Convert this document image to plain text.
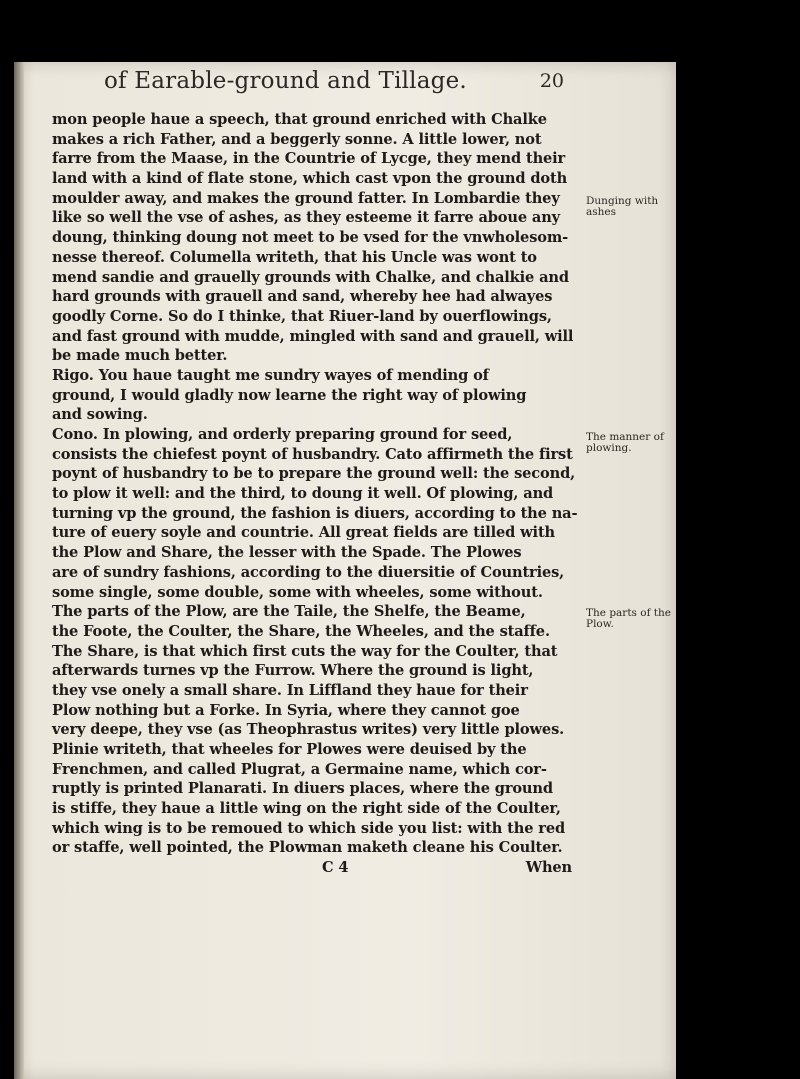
of Earable-ground and Tillage.	20
mon people haue a speech, that ground enriched with Chalke
makes a rich Father, and a beggerly sonne. A little lower, not
farre from the Maase, in the Countrie of Lycge, they mend their
land with a kind of flate stone, which cast vpon the ground doth
moulder away, and makes the ground fatter. In Lombardie they
like so well the vse of ashes, as they esteeme it farre aboue any
doung, thinking doung not meet to be vsed for the vnwholesom-
nesse thereof. Columella writeth, that his Uncle was wont to
mend sandie and grauelly grounds with Chalke, and chalkie and
hard grounds with grauell and sand, whereby hee had alwayes
goodly Corne. So do I thinke, that Riuer-land by ouerflowings,
and fast ground with mudde, mingled with sand and grauell, will
be made much better.
Rigo. You haue taught me sundry wayes of mending of
ground, I would gladly now learne the right way of plowing
and sowing.
Cono. In plowing, and orderly preparing ground for seed,
consists the chiefest poynt of husbandry. Cato affirmeth the first
poynt of husbandry to be to prepare the ground well: the second,
to plow it well: and the third, to doung it well. Of plowing, and
turning vp the ground, the fashion is diuers, according to the na-
ture of euery soyle and countrie. All great fields are tilled with
the Plow and Share, the lesser with the Spade. The Plowes
are of sundry fashions, according to the diuersitie of Countries,
some single, some double, some with wheeles, some without.
The parts of the Plow, are the Taile, the Shelfe, the Beame,
the Foote, the Coulter, the Share, the Wheeles, and the staffe.
The Share, is that which first cuts the way for the Coulter, that
afterwards turnes vp the Furrow. Where the ground is light,
they vse onely a small share. In Liffland they haue for their
Plow nothing but a Forke. In Syria, where they cannot goe
very deepe, they vse (as Theophrastus writes) very little plowes.
Plinie writeth, that wheeles for Plowes were deuised by the
Frenchmen, and called Plugrat, a Germaine name, which cor-
ruptly is printed Planarati. In diuers places, where the ground
is stiffe, they haue a little wing on the right side of the Coulter,
which wing is to be remoued to which side you list: with the red
or staffe, well pointed, the Plowman maketh cleane his Coulter.
C 4	When
Dunging with ashes
The manner of plowing.
The parts of the Plow.
